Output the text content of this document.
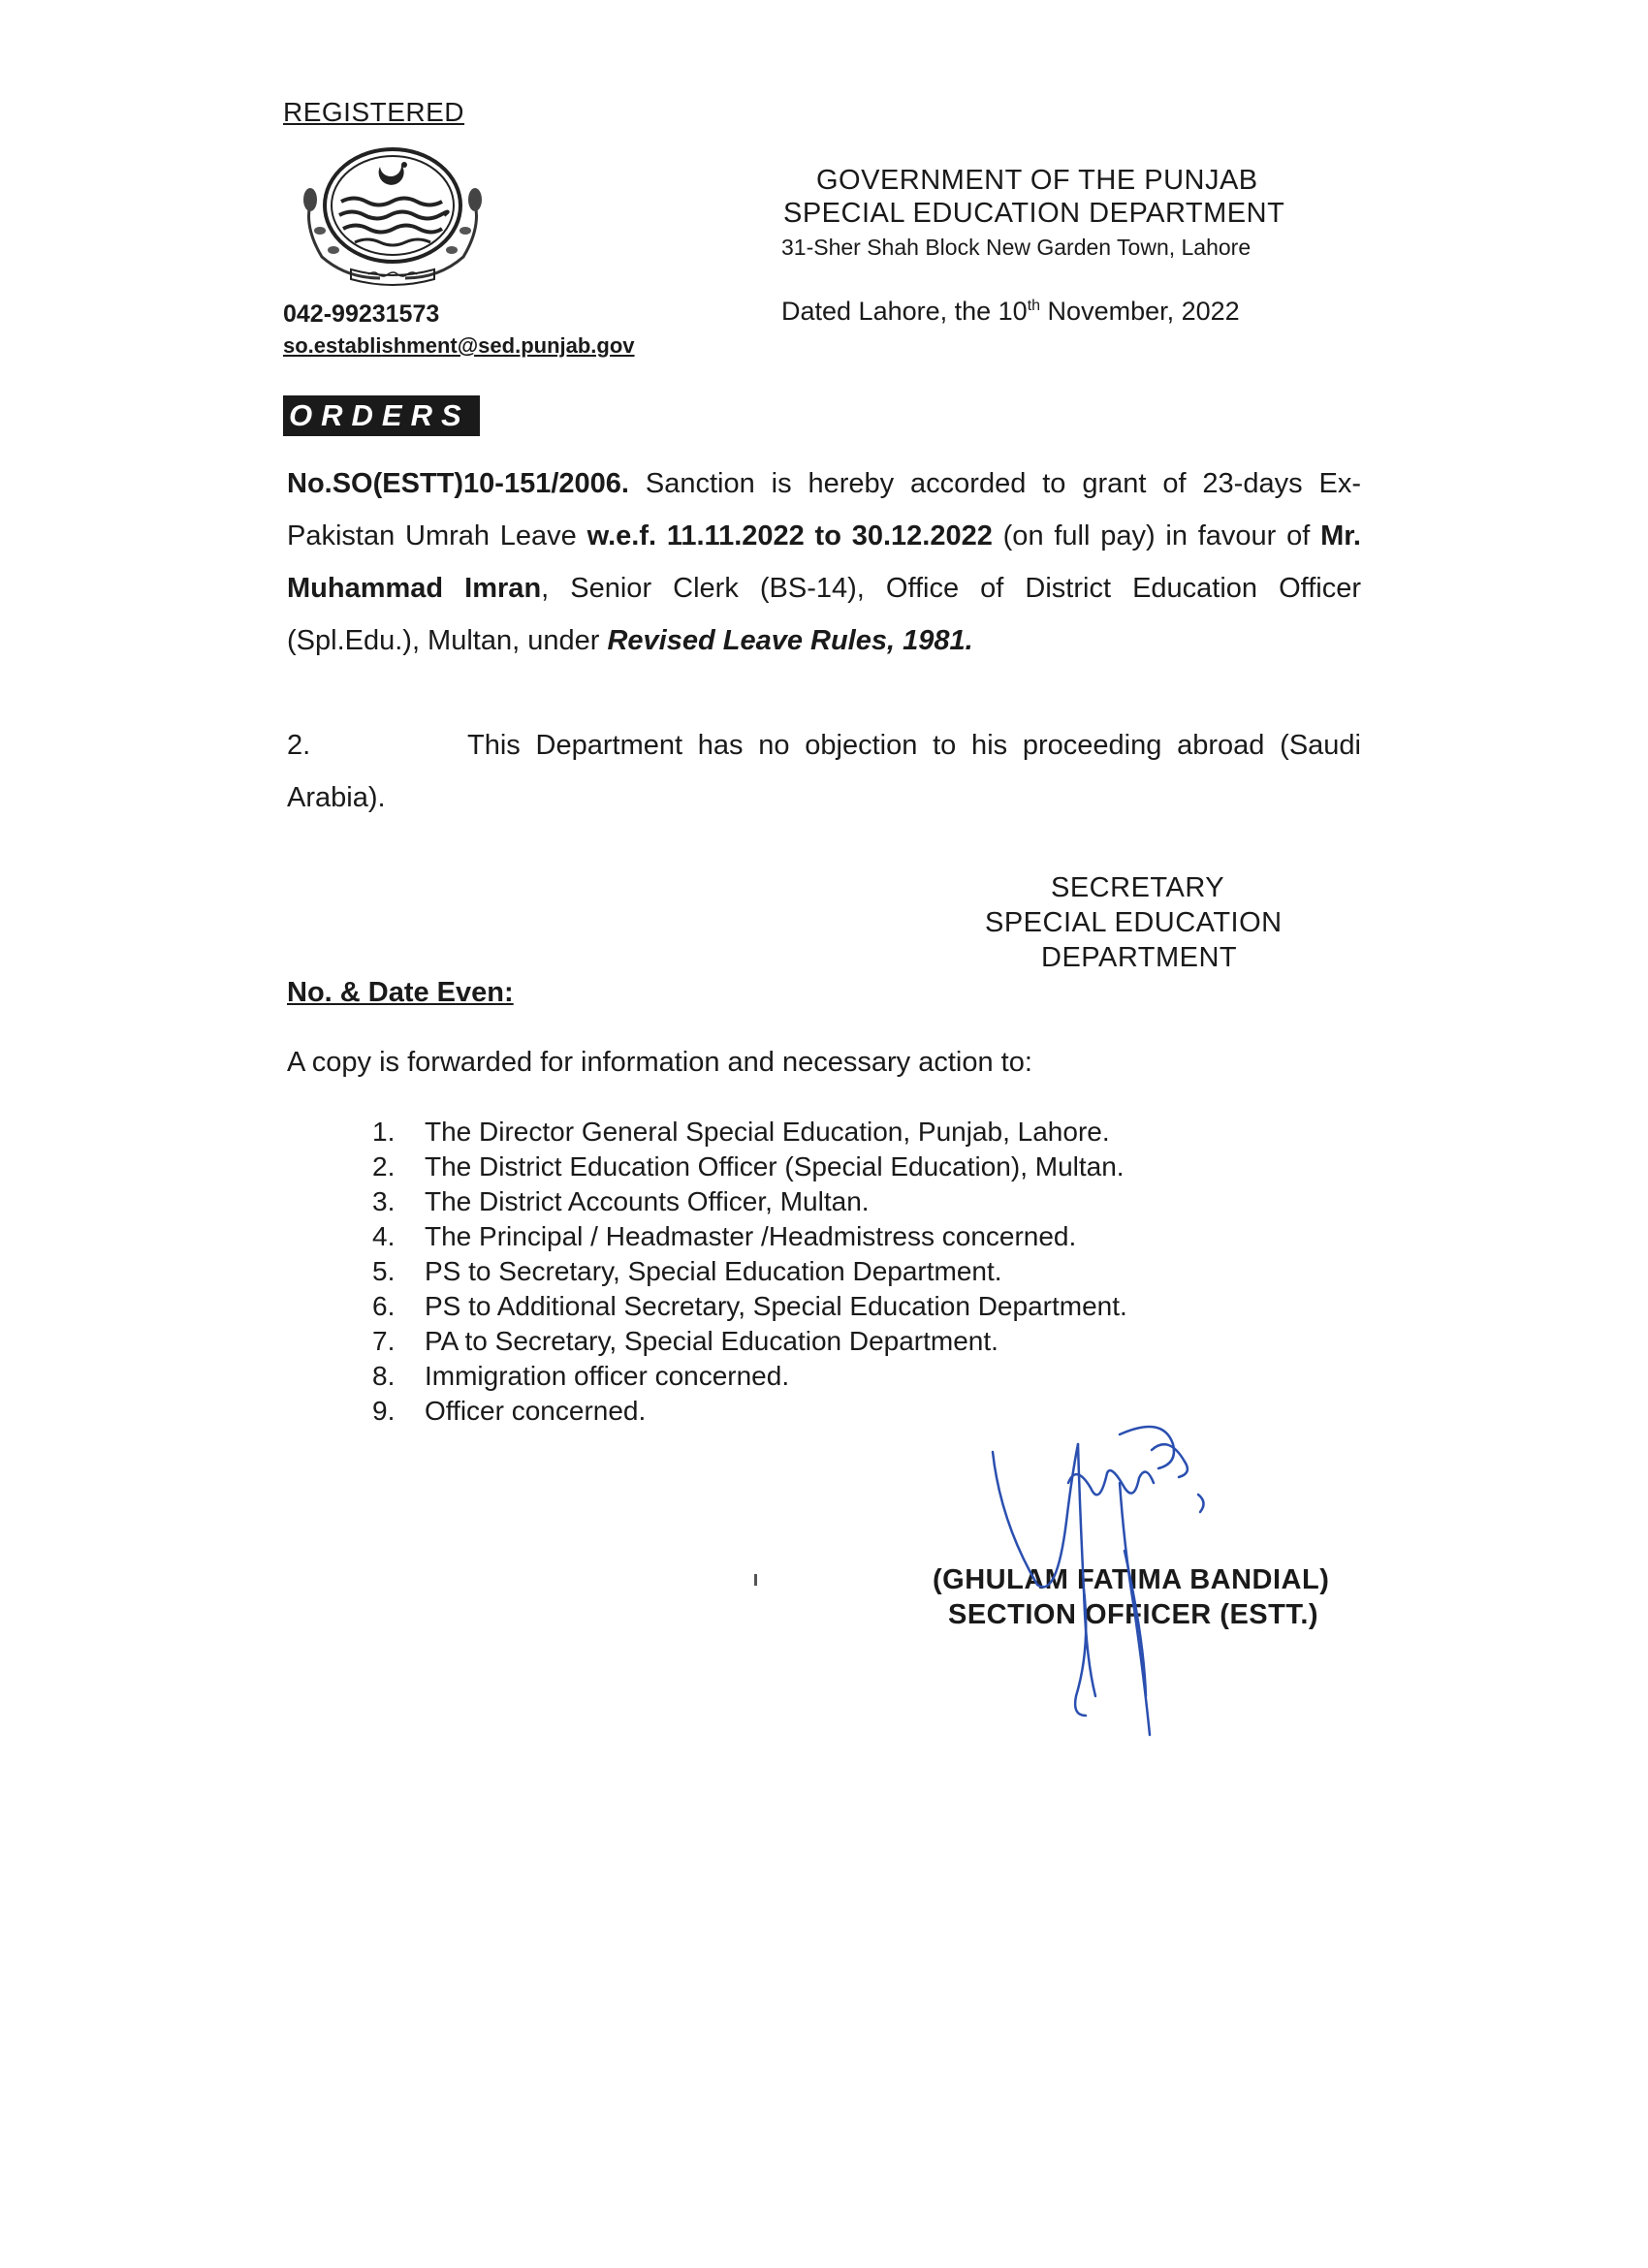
REGISTERED
042-99231573
so.establishment@sed.punjab.gov
GOVERNMENT OF THE PUNJAB
SPECIAL EDUCATION DEPARTMENT
31-Sher Shah Block New Garden Town, Lahore
Dated Lahore, the 10th November, 2022
ORDERS
No.SO(ESTT)10-151/2006. Sanction is hereby accorded to grant of 23-days Ex-Pakistan Umrah Leave w.e.f. 11.11.2022 to 30.12.2022 (on full pay) in favour of Mr. Muhammad Imran, Senior Clerk (BS-14), Office of District Education Officer (Spl.Edu.), Multan, under Revised Leave Rules, 1981.
2.	This Department has no objection to his proceeding abroad (Saudi Arabia).
SECRETARY
SPECIAL EDUCATION
DEPARTMENT
No. & Date Even:
A copy is forwarded for information and necessary action to:
1.	The Director General Special Education, Punjab, Lahore.
2.	The District Education Officer (Special Education), Multan.
3.	The District Accounts Officer, Multan.
4.	The Principal / Headmaster /Headmistress concerned.
5.	PS to Secretary, Special Education Department.
6.	PS to Additional Secretary, Special Education Department.
7.	PA to Secretary, Special Education Department.
8.	Immigration officer concerned.
9.	Officer concerned.
(GHULAM FATIMA BANDIAL)
SECTION OFFICER (ESTT.)
